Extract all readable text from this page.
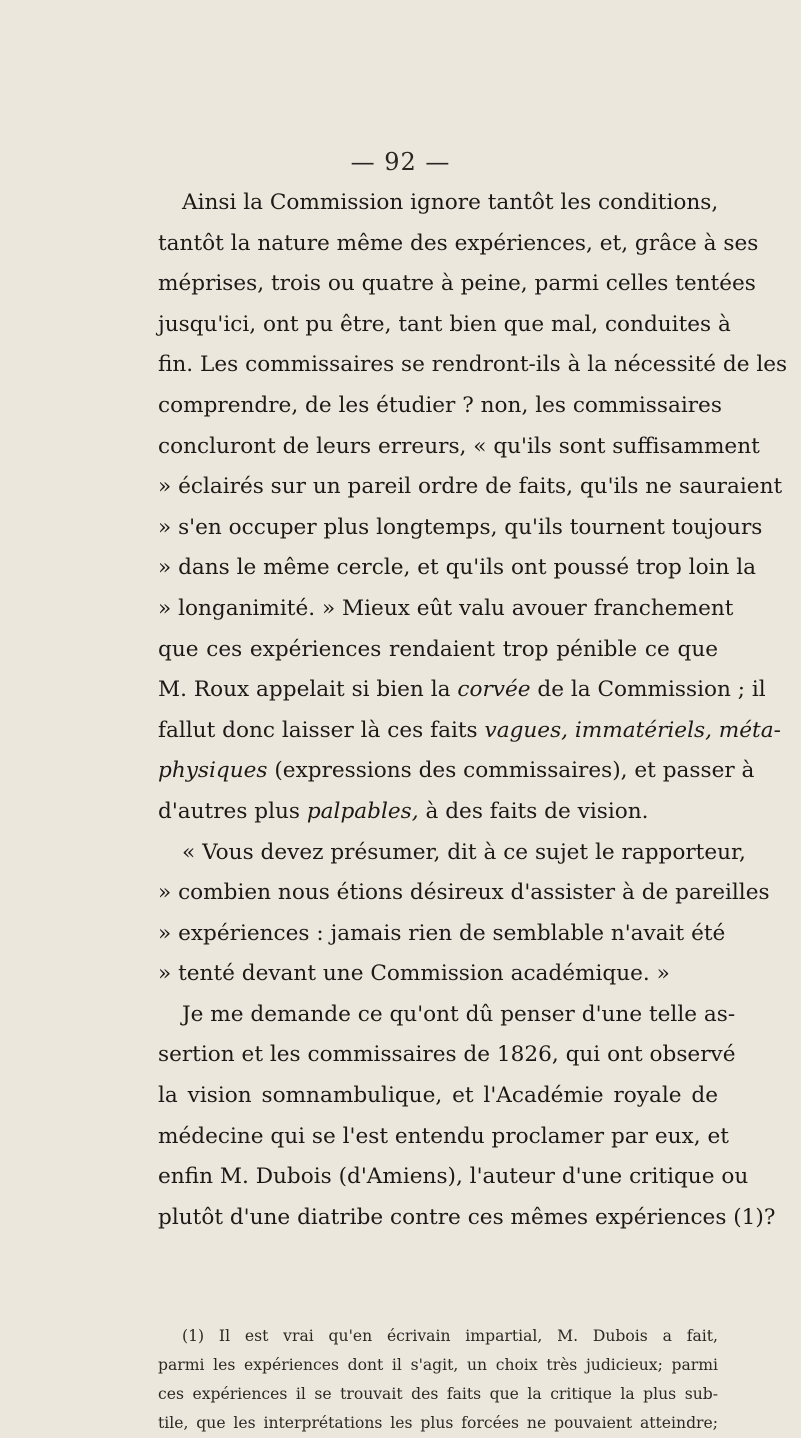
— 92 —
Ainsi la Commission ignore tantôt les conditions,
tantôt la nature même des expériences, et, grâce à ses
méprises, trois ou quatre à peine, parmi celles tentées
jusqu'ici, ont pu être, tant bien que mal, conduites à
fin. Les commissaires se rendront-ils à la nécessité de les
comprendre, de les étudier ? non, les commissaires
concluront de leurs erreurs, « qu'ils sont suffisamment
» éclairés sur un pareil ordre de faits, qu'ils ne sauraient
» s'en occuper plus longtemps, qu'ils tournent toujours
» dans le même cercle, et qu'ils ont poussé trop loin la
» longanimité. » Mieux eût valu avouer franchement
que ces expériences rendaient trop pénible ce que
M. Roux appelait si bien la corvée de la Commission ; il
fallut donc laisser là ces faits vagues, immatériels, méta-
physiques (expressions des commissaires), et passer à
d'autres plus palpables, à des faits de vision.
« Vous devez présumer, dit à ce sujet le rapporteur,
» combien nous étions désireux d'assister à de pareilles
» expériences : jamais rien de semblable n'avait été
» tenté devant une Commission académique. »
Je me demande ce qu'ont dû penser d'une telle as-
sertion et les commissaires de 1826, qui ont observé
la vision somnambulique, et l'Académie royale de
médecine qui se l'est entendu proclamer par eux, et
enfin M. Dubois (d'Amiens), l'auteur d'une critique ou
plutôt d'une diatribe contre ces mêmes expériences (1)?
(1) Il est vrai qu'en écrivain impartial, M. Dubois a fait,
parmi les expériences dont il s'agit, un choix très judicieux; parmi
ces expériences il se trouvait des faits que la critique la plus sub-
tile, que les interprétations les plus forcées ne pouvaient atteindre;
